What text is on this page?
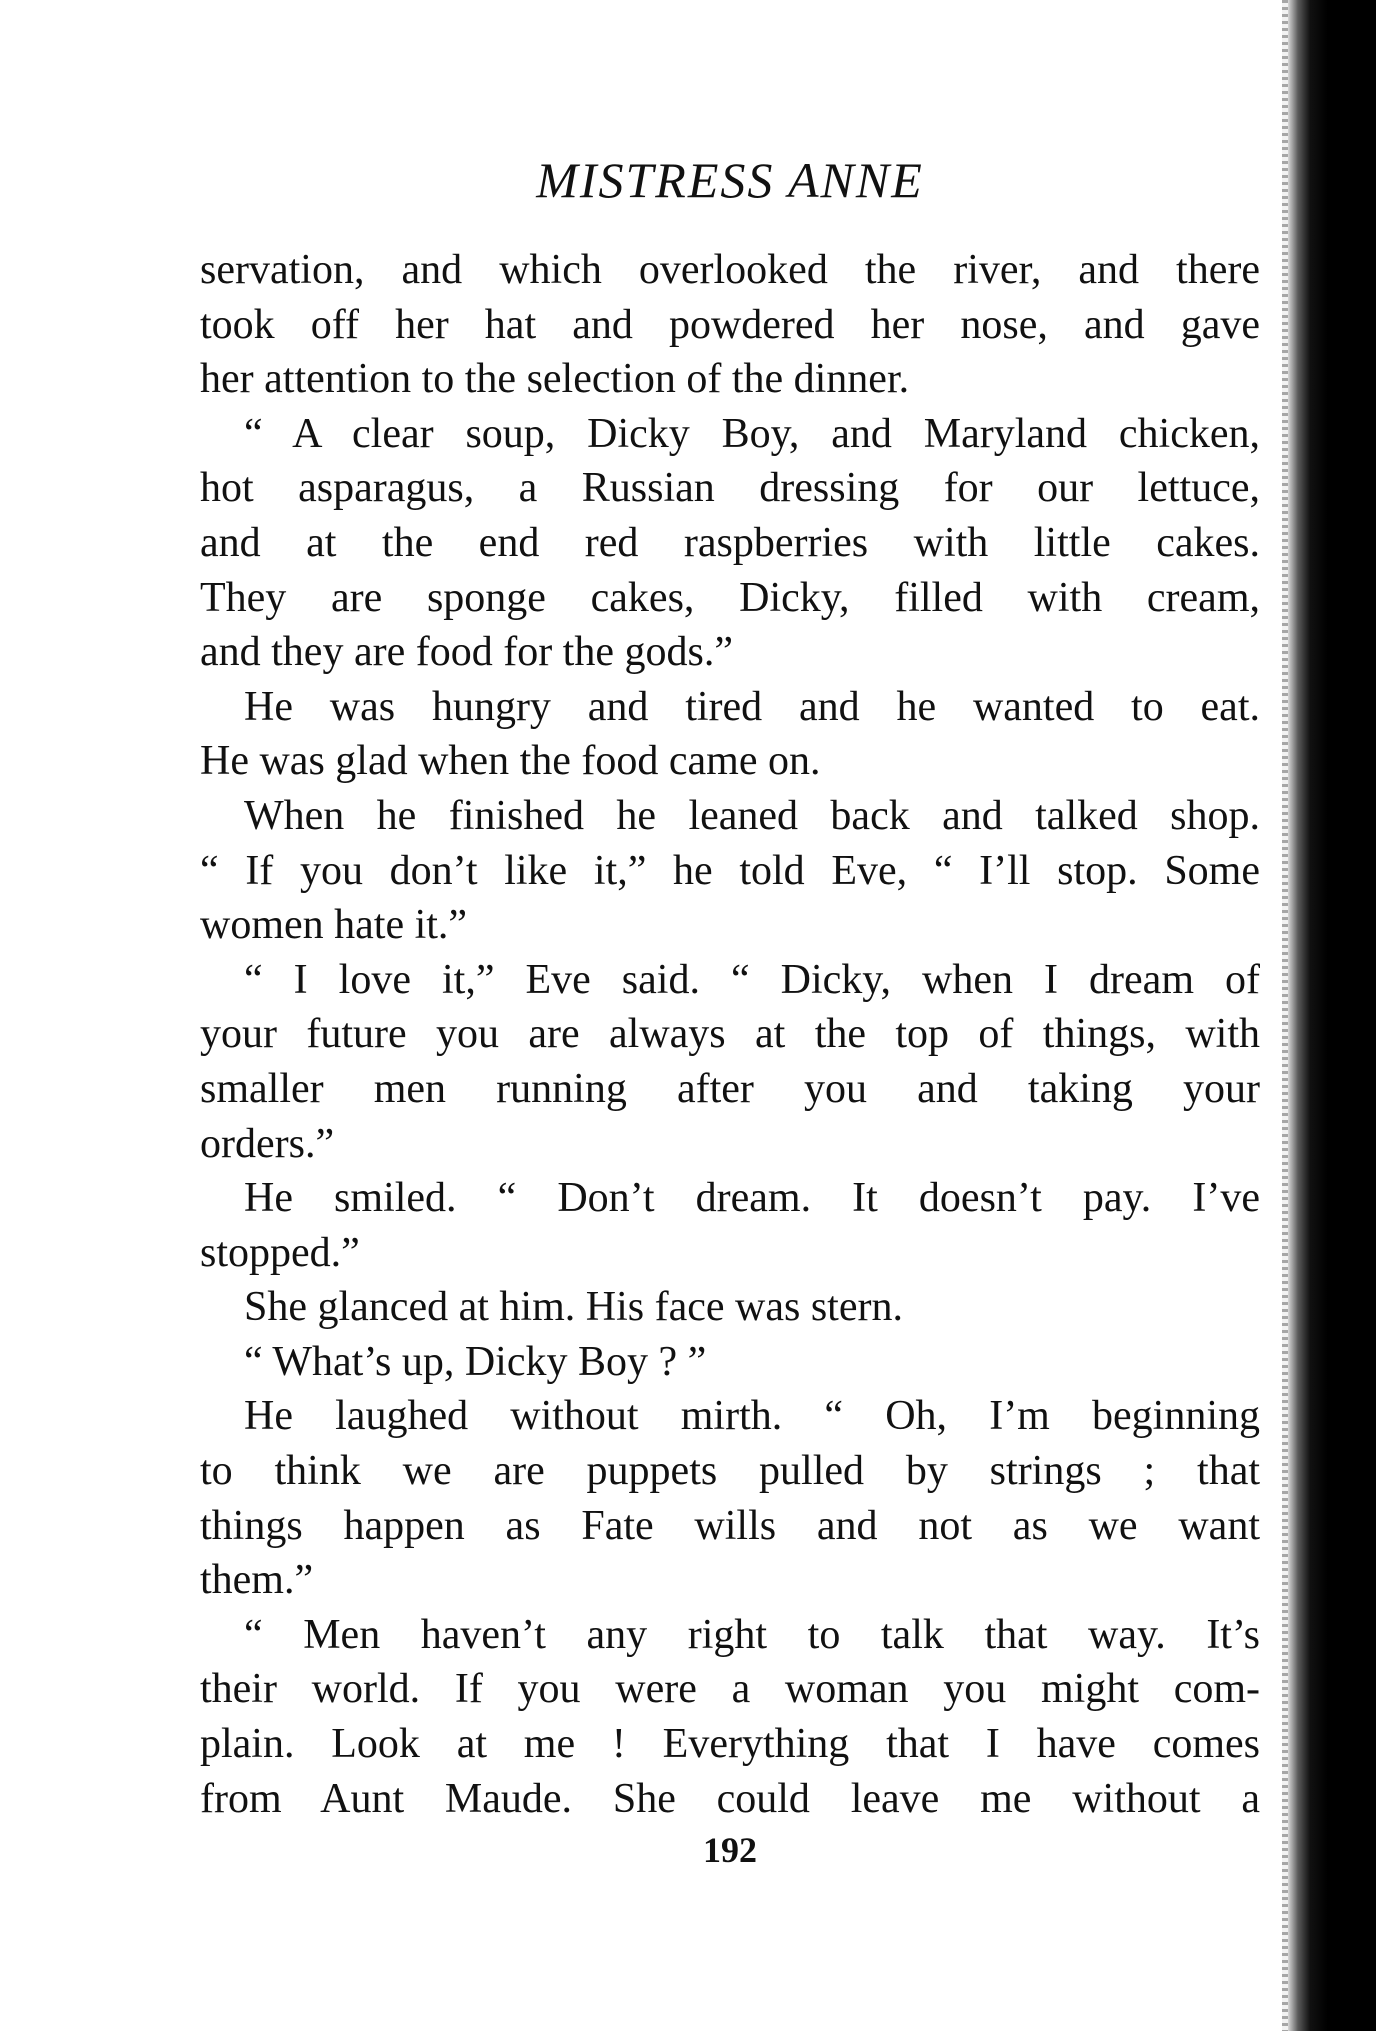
MISTRESS ANNE
servation, and which overlooked the river, and there
took off her hat and powdered her nose, and gave
her attention to the selection of the dinner.
“ A clear soup, Dicky Boy, and Maryland chicken,
hot asparagus, a Russian dressing for our lettuce,
and at the end red raspberries with little cakes.
They are sponge cakes, Dicky, filled with cream,
and they are food for the gods.”
He was hungry and tired and he wanted to eat.
He was glad when the food came on.
When he finished he leaned back and talked shop.
“ If you don’t like it,” he told Eve, “ I’ll stop. Some
women hate it.”
“ I love it,” Eve said. “ Dicky, when I dream of
your future you are always at the top of things, with
smaller men running after you and taking your
orders.”
He smiled. “ Don’t dream. It doesn’t pay. I’ve
stopped.”
She glanced at him. His face was stern.
“ What’s up, Dicky Boy ? ”
He laughed without mirth. “ Oh, I’m beginning
to think we are puppets pulled by strings ; that
things happen as Fate wills and not as we want
them.”
“ Men haven’t any right to talk that way. It’s
their world. If you were a woman you might com-
plain. Look at me ! Everything that I have comes
from Aunt Maude. She could leave me without a
192
